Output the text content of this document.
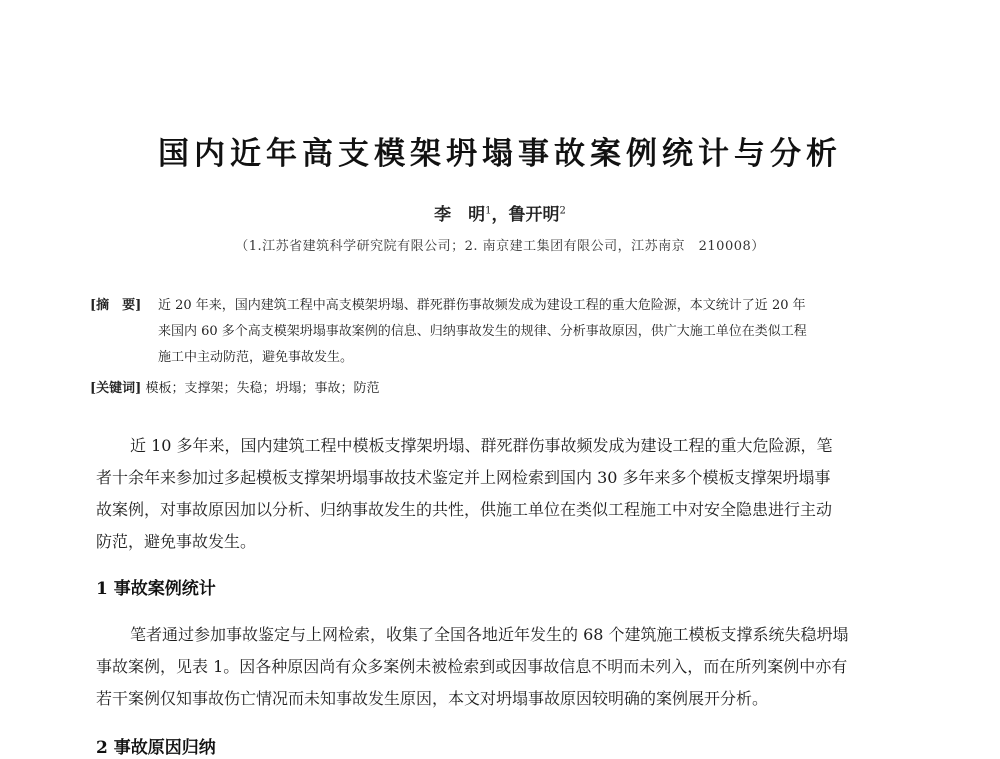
国内近年高支模架坍塌事故案例统计与分析
李　明$^1$，鲁开明$^2$
（1.江苏省建筑科学研究院有限公司；2. 南京建工集团有限公司，江苏南京　210008）
[摘　要] 近 20 年来，国内建筑工程中高支模架坍塌、群死群伤事故频发成为建设工程的重大危险源，本文统计了近 20 年
来国内 60 多个高支模架坍塌事故案例的信息、归纳事故发生的规律、分析事故原因，供广大施工单位在类似工程
施工中主动防范，避免事故发生。
[关键词] 模板；支撑架；失稳；坍塌；事故；防范
近 10 多年来，国内建筑工程中模板支撑架坍塌、群死群伤事故频发成为建设工程的重大危险源，笔
者十余年来参加过多起模板支撑架坍塌事故技术鉴定并上网检索到国内 30 多年来多个模板支撑架坍塌事
故案例，对事故原因加以分析、归纳事故发生的共性，供施工单位在类似工程施工中对安全隐患进行主动
防范，避免事故发生。
1 事故案例统计
笔者通过参加事故鉴定与上网检索，收集了全国各地近年发生的 68 个建筑施工模板支撑系统失稳坍塌
事故案例，见表 1。因各种原因尚有众多案例未被检索到或因事故信息不明而未列入，而在所列案例中亦有
若干案例仅知事故伤亡情况而未知事故发生原因，本文对坍塌事故原因较明确的案例展开分析。
2 事故原因归纳
